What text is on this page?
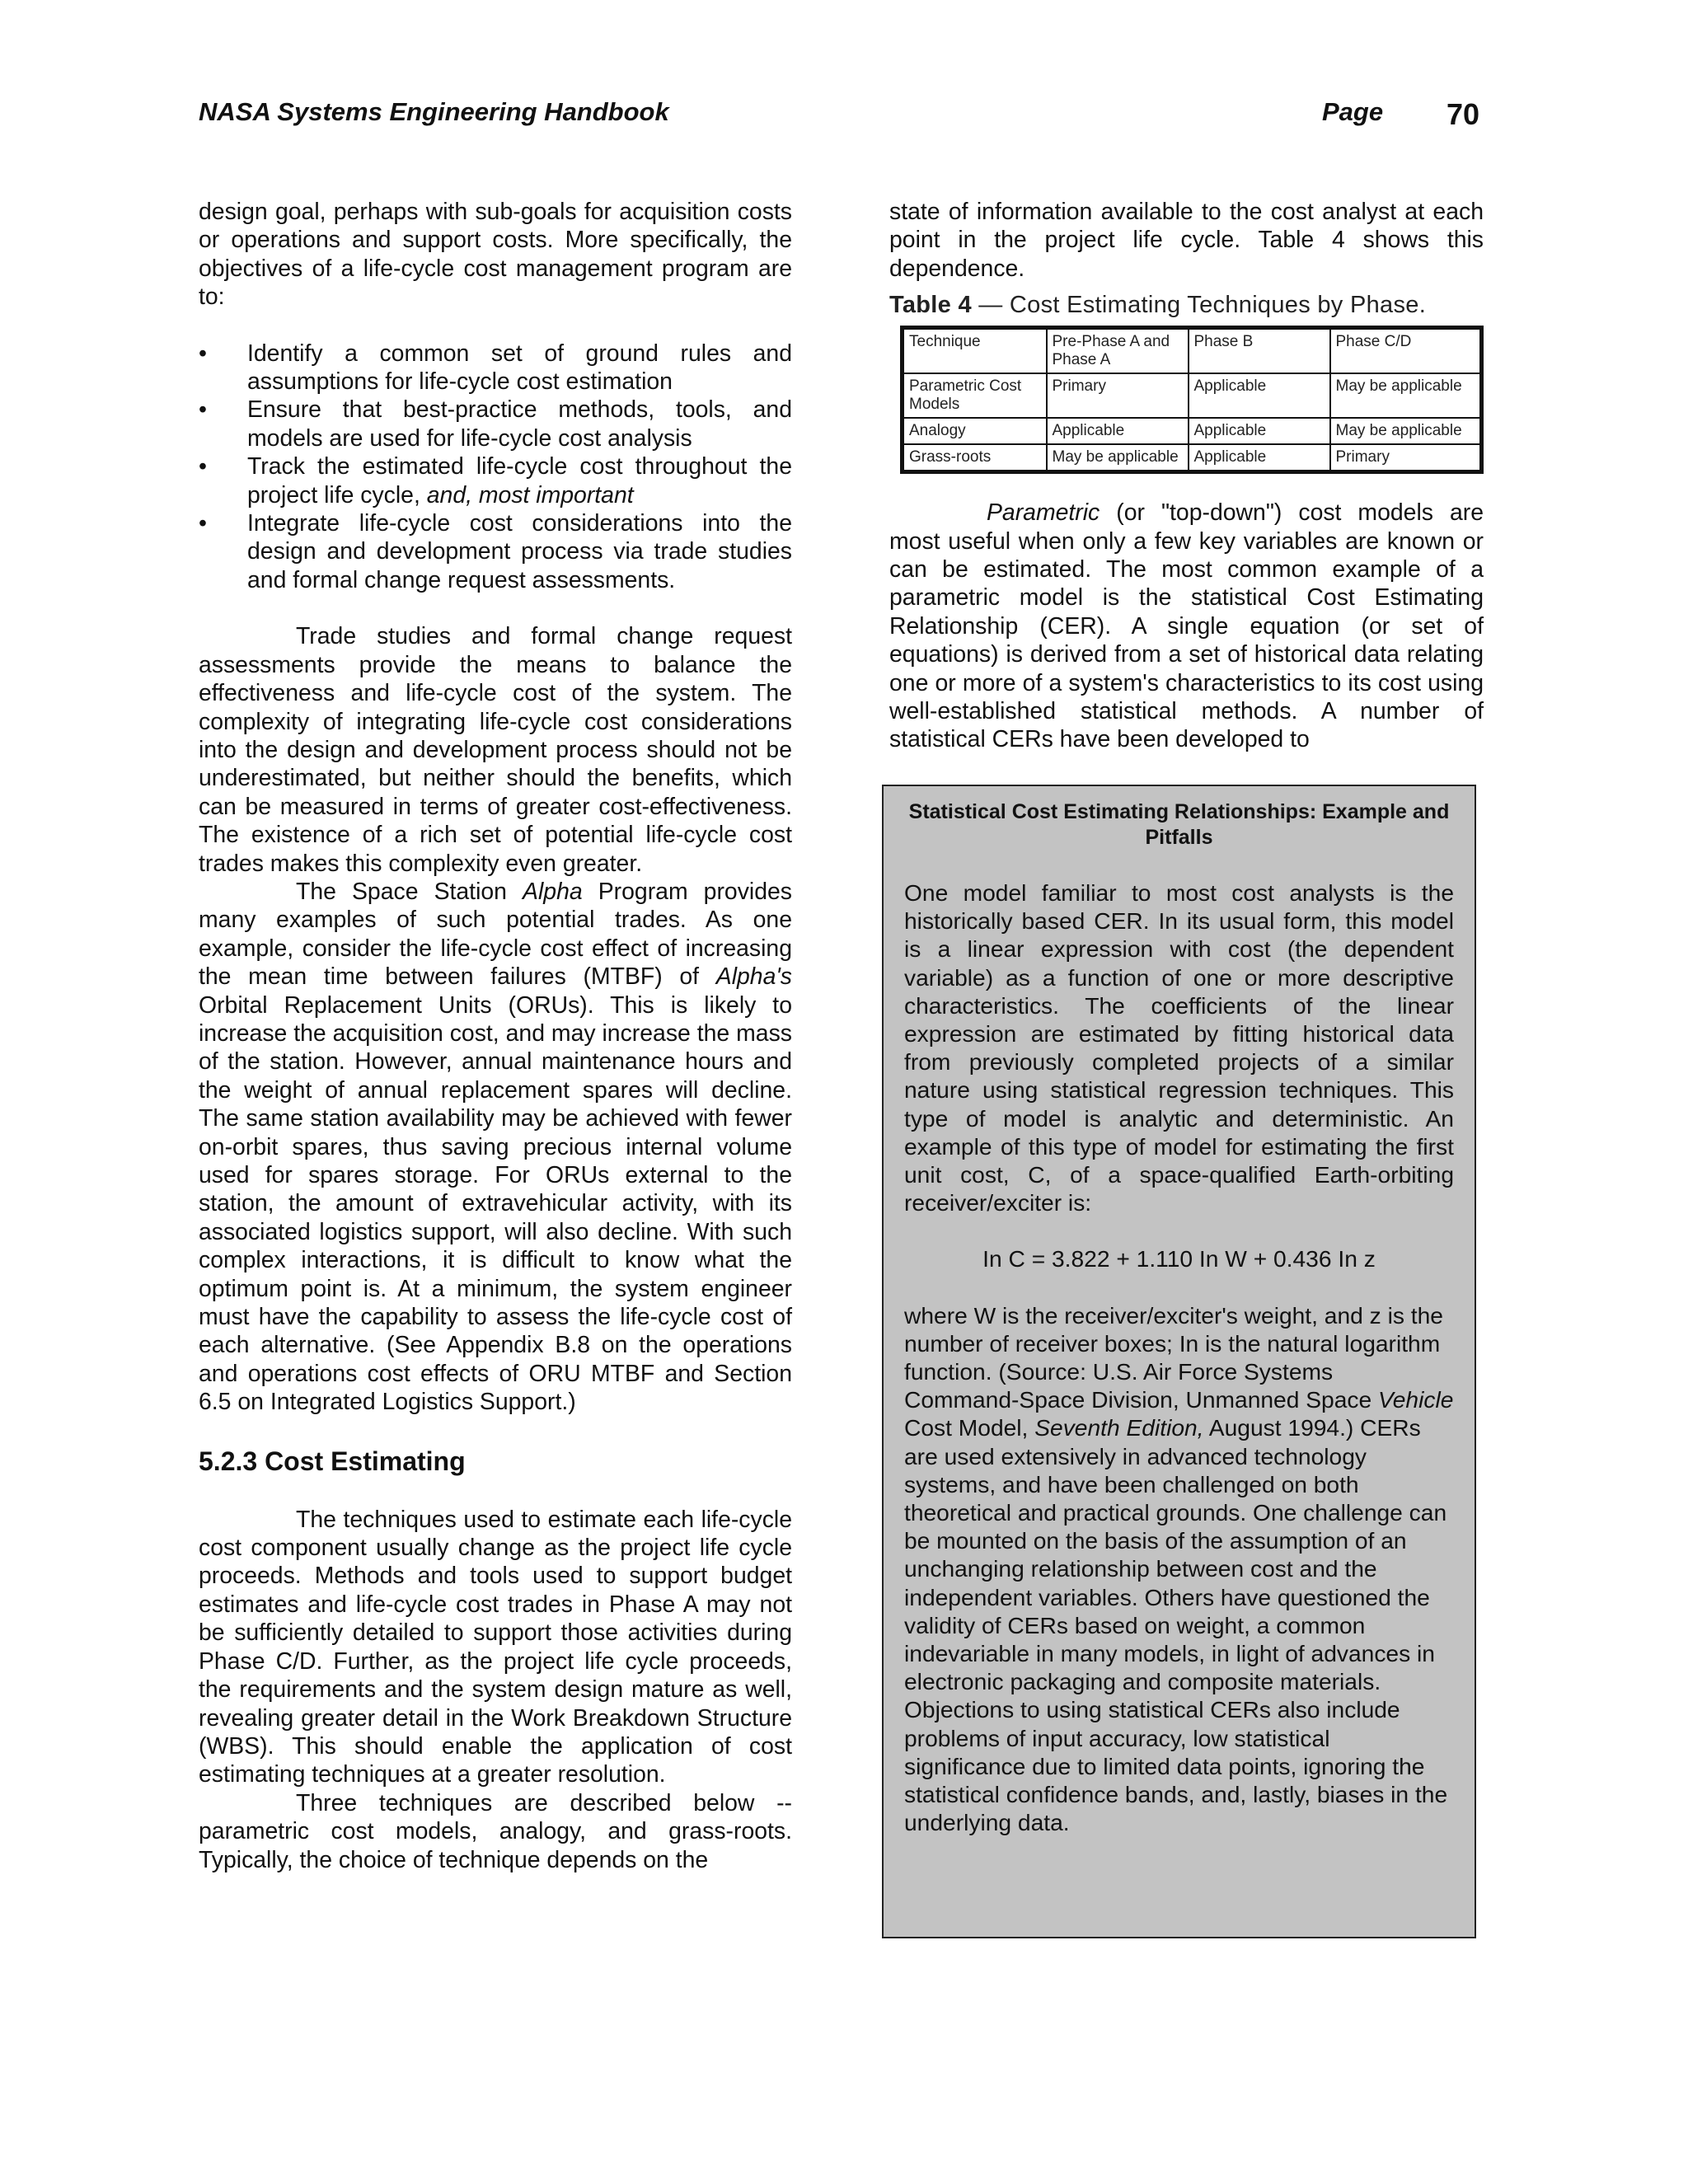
NASA Systems Engineering Handbook	Page 70

design goal, perhaps with sub-goals for acquisition costs or operations and support costs. More specifically, the objectives of a life-cycle cost management program are to:

• Identify a common set of ground rules and assumptions for life-cycle cost estimation
• Ensure that best-practice methods, tools, and models are used for life-cycle cost analysis
• Track the estimated life-cycle cost throughout the project life cycle, and, most important
• Integrate life-cycle cost considerations into the design and development process via trade studies and formal change request assessments.

Trade studies and formal change request assessments provide the means to balance the effectiveness and life-cycle cost of the system. The complexity of integrating life-cycle cost considerations into the design and development process should not be underestimated, but neither should the benefits, which can be measured in terms of greater cost-effectiveness. The existence of a rich set of potential life-cycle cost trades makes this complexity even greater.

The Space Station Alpha Program provides many examples of such potential trades. As one example, consider the life-cycle cost effect of increasing the mean time between failures (MTBF) of Alpha's Orbital Replacement Units (ORUs). This is likely to increase the acquisition cost, and may increase the mass of the station. However, annual maintenance hours and the weight of annual replacement spares will decline. The same station availability may be achieved with fewer on-orbit spares, thus saving precious internal volume used for spares storage. For ORUs external to the station, the amount of extravehicular activity, with its associated logistics support, will also decline. With such complex interactions, it is difficult to know what the optimum point is. At a minimum, the system engineer must have the capability to assess the life-cycle cost of each alternative. (See Appendix B.8 on the operations and operations cost effects of ORU MTBF and Section 6.5 on Integrated Logistics Support.)

5.2.3 Cost Estimating

The techniques used to estimate each life-cycle cost component usually change as the project life cycle proceeds. Methods and tools used to support budget estimates and life-cycle cost trades in Phase A may not be sufficiently detailed to support those activities during Phase C/D. Further, as the project life cycle proceeds, the requirements and the system design mature as well, revealing greater detail in the Work Breakdown Structure (WBS). This should enable the application of cost estimating techniques at a greater resolution.

Three techniques are described below -- parametric cost models, analogy, and grass-roots. Typically, the choice of technique depends on the

state of information available to the cost analyst at each point in the project life cycle. Table 4 shows this dependence.

Table 4 — Cost Estimating Techniques by Phase.
Technique	Pre-Phase A and Phase A	Phase B	Phase C/D
Parametric Cost Models	Primary	Applicable	May be applicable
Analogy	Applicable	Applicable	May be applicable
Grass-roots	May be applicable	Applicable	Primary

Parametric (or "top-down") cost models are most useful when only a few key variables are known or can be estimated. The most common example of a parametric model is the statistical Cost Estimating Relationship (CER). A single equation (or set of equations) is derived from a set of historical data relating one or more of a system's characteristics to its cost using well-established statistical methods. A number of statistical CERs have been developed to

Statistical Cost Estimating Relationships: Example and Pitfalls

One model familiar to most cost analysts is the historically based CER. In its usual form, this model is a linear expression with cost (the dependent variable) as a function of one or more descriptive characteristics. The coefficients of the linear expression are estimated by fitting historical data from previously completed projects of a similar nature using statistical regression techniques. This type of model is analytic and deterministic. An example of this type of model for estimating the first unit cost, C, of a space-qualified Earth-orbiting receiver/exciter is:

In C = 3.822 + 1.110 In W + 0.436 In z

where W is the receiver/exciter's weight, and z is the number of receiver boxes; In is the natural logarithm function. (Source: U.S. Air Force Systems Command-Space Division, Unmanned Space Vehicle Cost Model, Seventh Edition, August 1994.) CERs are used extensively in advanced technology systems, and have been challenged on both theoretical and practical grounds. One challenge can be mounted on the basis of the assumption of an unchanging relationship between cost and the independent variables. Others have questioned the validity of CERs based on weight, a common indevariable in many models, in light of advances in electronic packaging and composite materials. Objections to using statistical CERs also include problems of input accuracy, low statistical significance due to limited data points, ignoring the statistical confidence bands, and, lastly, biases in the underlying data.
